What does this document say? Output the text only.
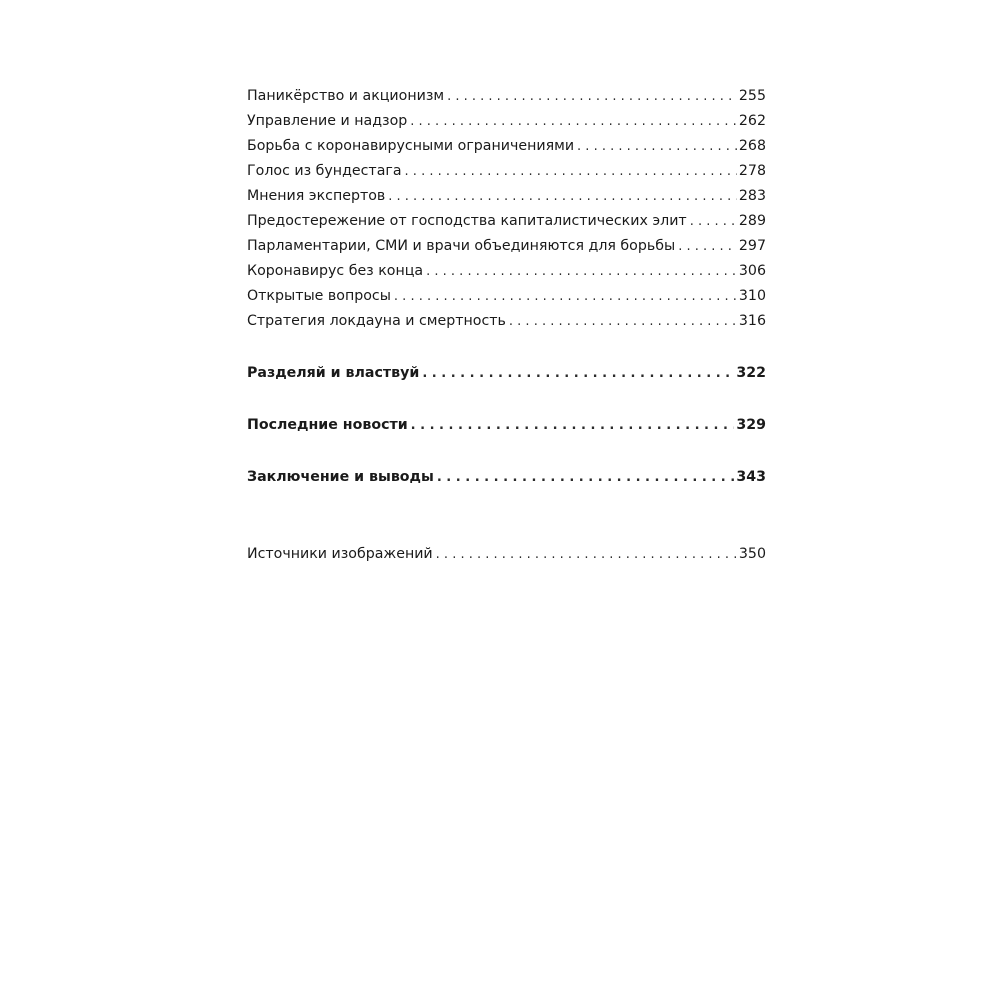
Паникёрство и акционизм . . .	255
Управление и надзор . . .	262
Борьба с коронавирусными ограничениями . . .	268
Голос из бундестага . . .	278
Мнения экспертов . . .	283
Предостережение от господства капиталистических элит . . .	289
Парламентарии, СМИ и врачи объединяются для борьбы . . .	297
Коронавирус без конца . . .	306
Открытые вопросы . . .	310
Стратегия локдауна и смертность . . .	316
Разделяй и властвуй . . .	322
Последние новости . . .	329
Заключение и выводы . . .	343
Источники изображений . . .	350
